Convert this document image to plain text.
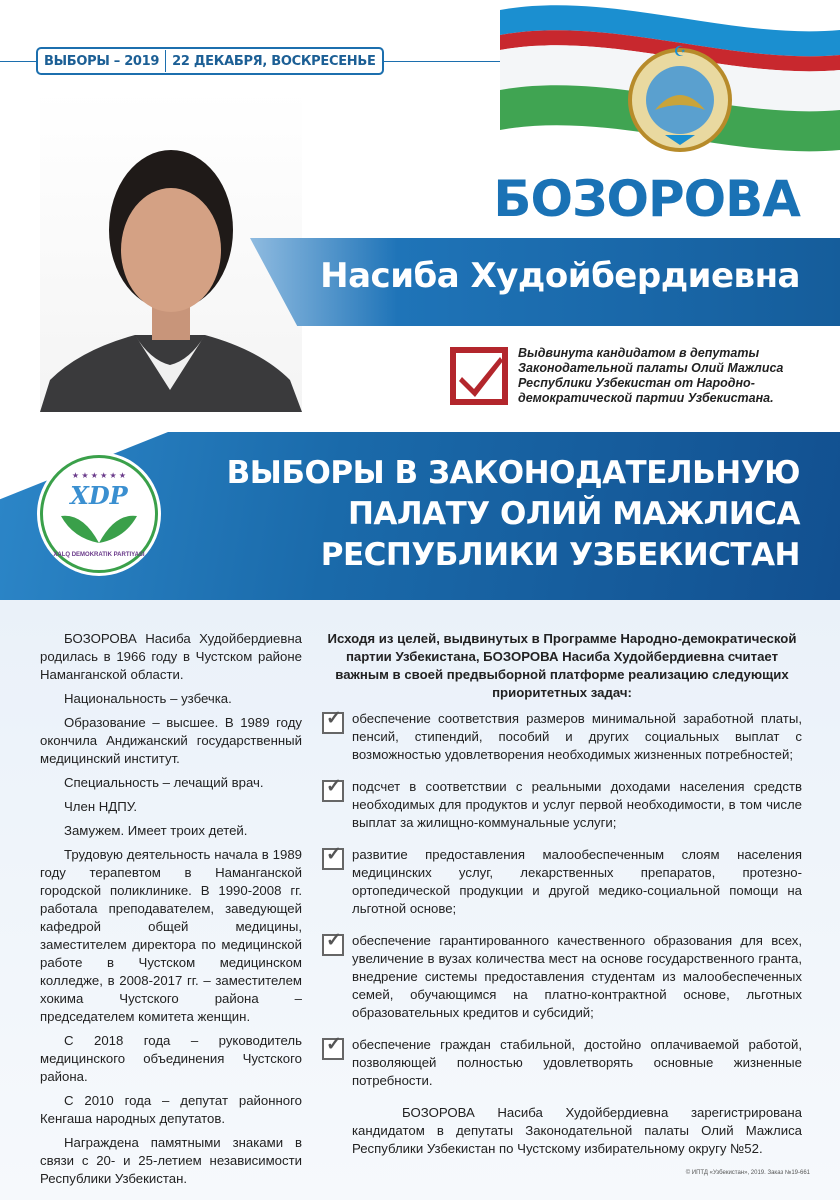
ВЫБОРЫ – 2019	22 ДЕКАБРЯ, ВОСКРЕСЕНЬЕ
☪
БОЗОРОВА
Насиба Худойбердиевна
Выдвинута кандидатом в депутаты Законодательной палаты Олий Мажлиса Республики Узбекистан от Народно-демократической партии Узбекистана.
ВЫБОРЫ В ЗАКОНОДАТЕЛЬНУЮ
ПАЛАТУ ОЛИЙ МАЖЛИСА
РЕСПУБЛИКИ УЗБЕКИСТАН
XDP
XALQ DEMOKRATIK PARTIYASI
★ ★ ★ ★ ★ ★

БОЗОРОВА Насиба Худойбердиевна родилась в 1966 году в Чустском районе Наманганской области.

Национальность – узбечка.

Образование – высшее. В 1989 году окончила Андижанский государственный медицинский институт.

Специальность – лечащий врач.

Член НДПУ.

Замужем. Имеет троих детей.

Трудовую деятельность начала в 1989 году терапевтом в Наманганской городской поликлинике. В 1990-2008 гг. работала преподавателем, заведующей кафедрой общей медицины, заместителем директора по медицинской работе в Чустском медицинском колледже, в 2008-2017 гг. – заместителем хокима Чустского района – председателем комитета женщин.

С 2018 года – руководитель медицинского объединения Чустского района.

С 2010 года – депутат районного Кенгаша народных депутатов.

Награждена памятными знаками в связи с 20- и 25-летием независимости Республики Узбекистан.

Исходя из целей, выдвинутых в Программе Народно-демократической партии Узбекистана, БОЗОРОВА Насиба Худойбердиевна считает важным в своей предвыборной платформе реализацию следующих приоритетных задач:
✓

обеспечение соответствия размеров минимальной заработной платы, пенсий, стипендий, пособий и других социальных выплат с возможностью удовлетворения необходимых жизненных потребностей;

✓

подсчет в соответствии с реальными доходами населения средств необходимых для продуктов и услуг первой необходимости, в том числе выплат за жилищно-коммунальные услуги;

✓

развитие предоставления малообеспеченным слоям населения медицинских услуг, лекарственных препаратов, протезно-ортопедической продукции и другой медико-социальной помощи на льготной основе;

✓

обеспечение гарантированного качественного образования для всех, увеличение в вузах количества мест на основе государственного гранта, внедрение системы предоставления студентам из малообеспеченных семей, обучающимся на платно-контрактной основе, льготных образовательных кредитов и субсидий;

✓

обеспечение граждан стабильной, достойно оплачиваемой работой, позволяющей полностью удовлетворять основные жизненные потребности.

БОЗОРОВА Насиба Худойбердиевна зарегистрирована кандидатом в депутаты Законодательной палаты Олий Мажлиса Республики Узбекистан по Чустскому избирательному округу №52.

© ИПТД «Узбекистан», 2019. Заказ №19-661
